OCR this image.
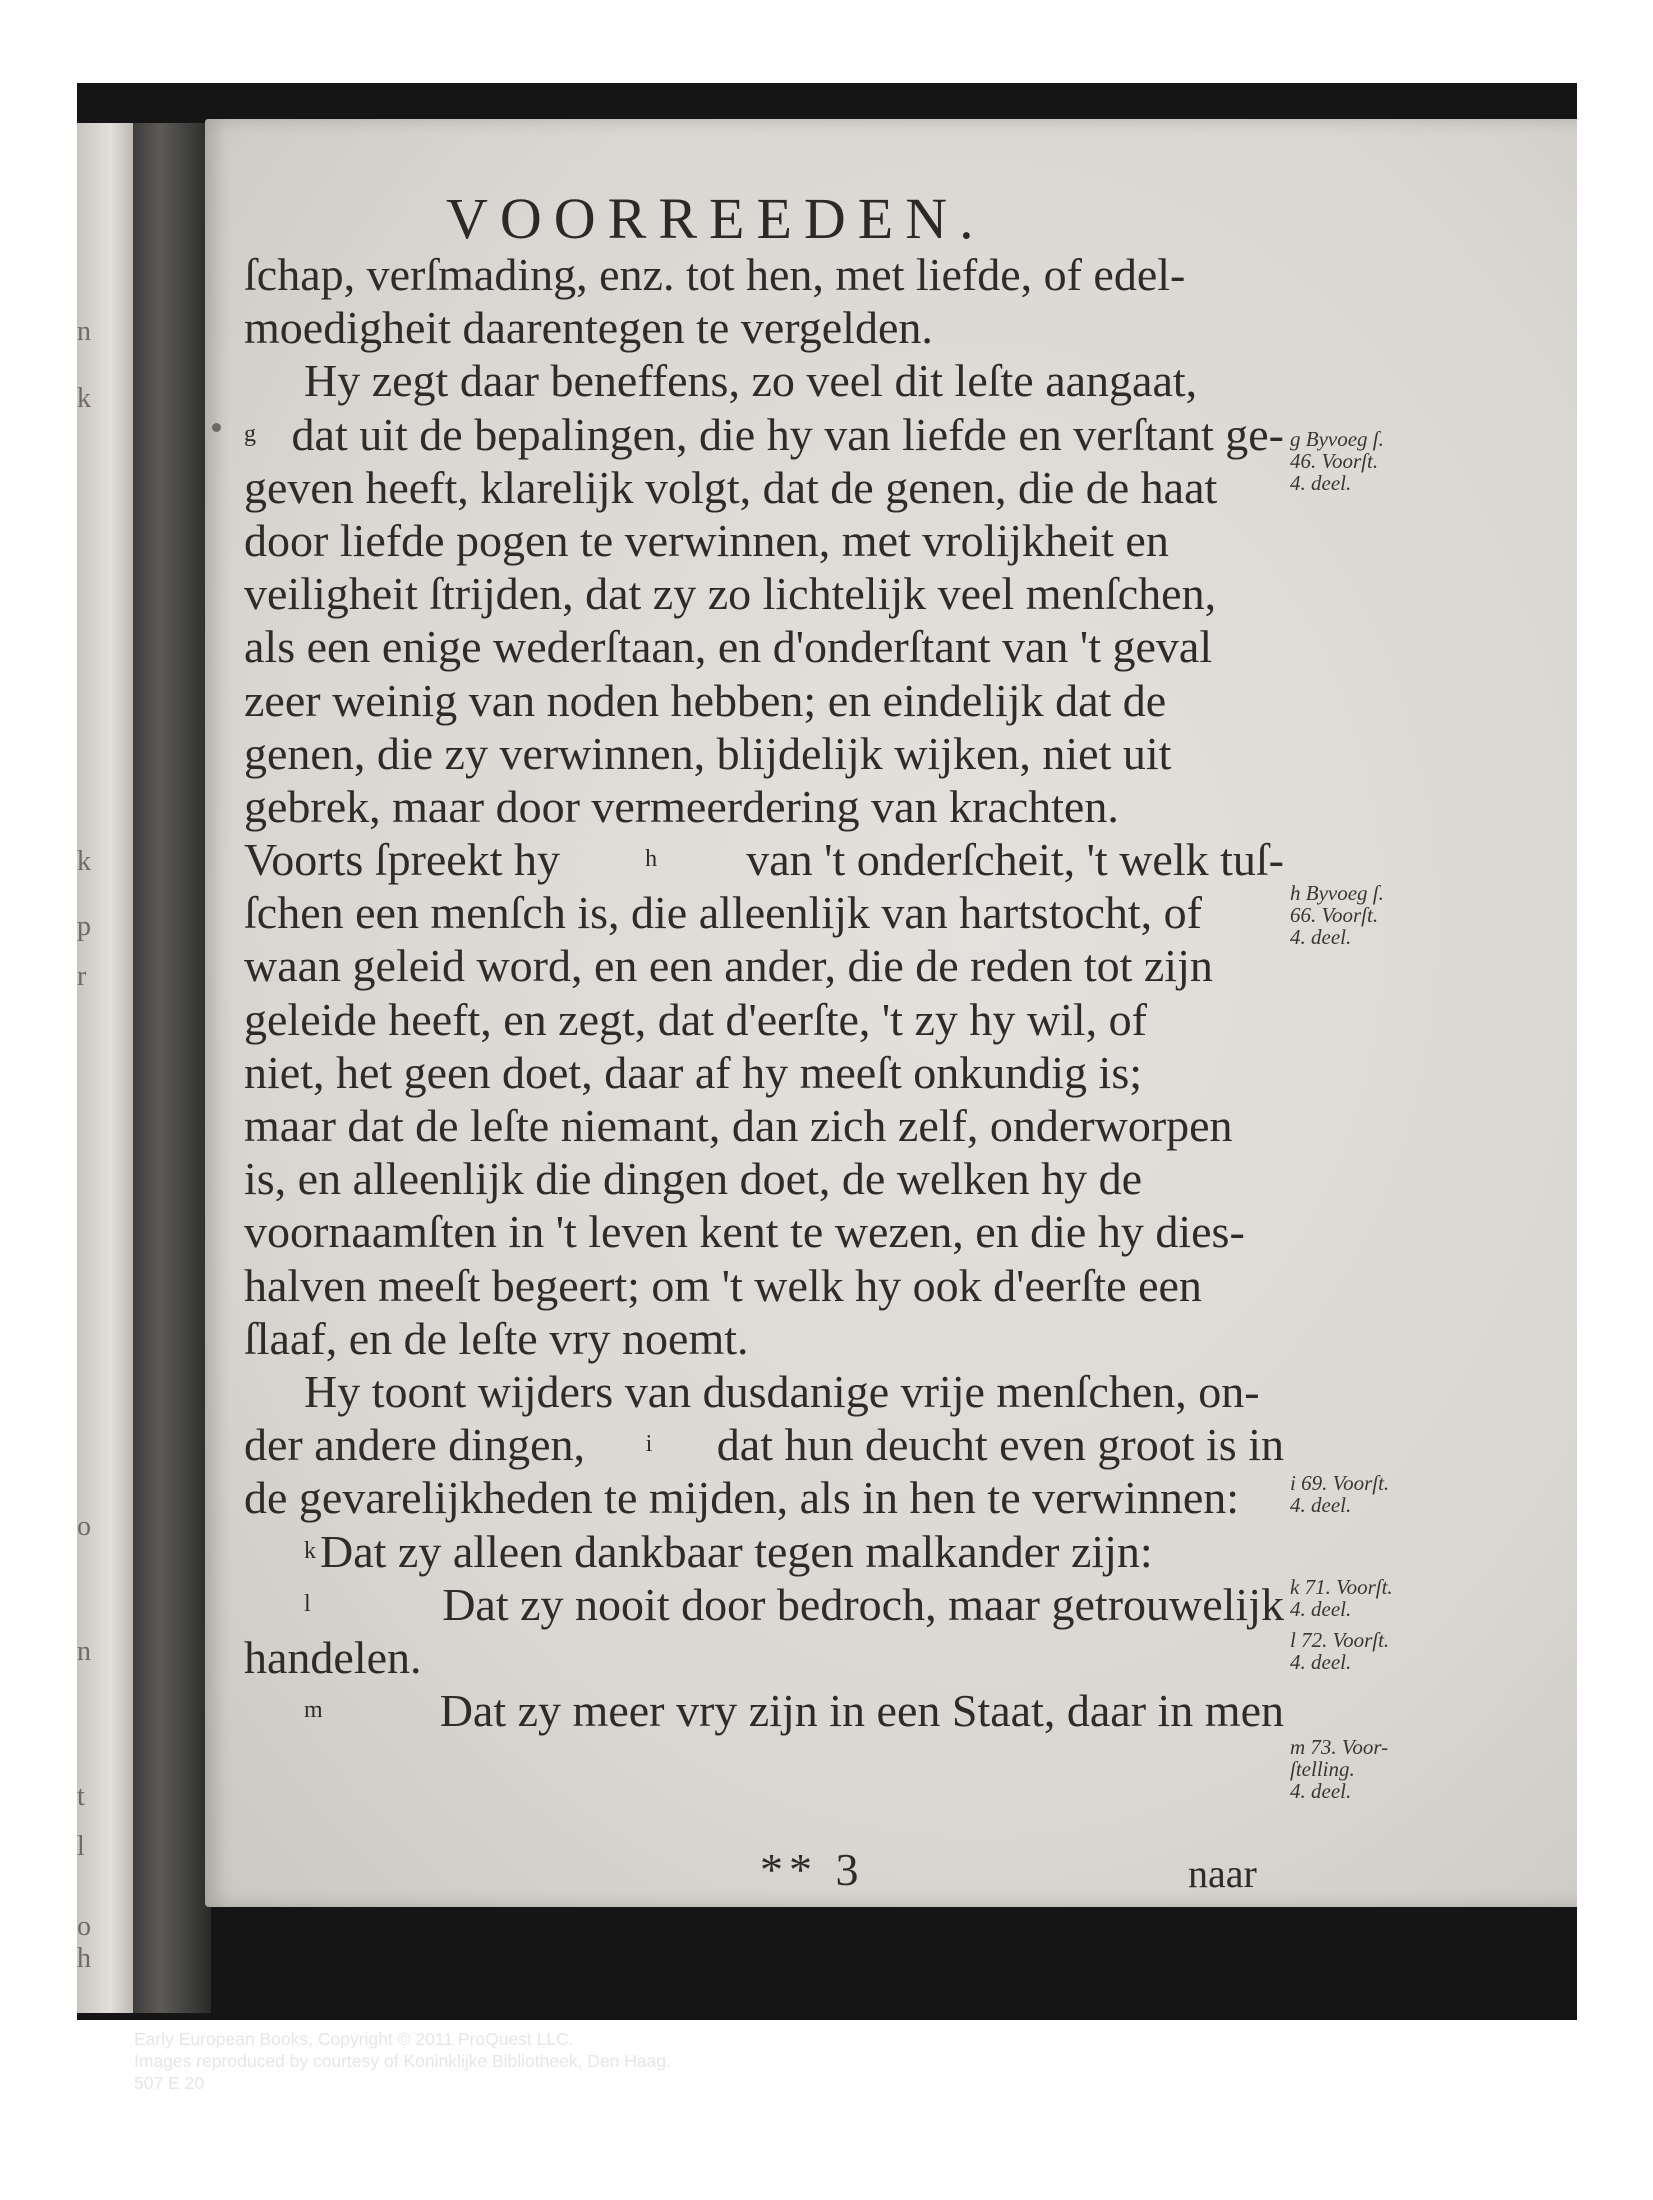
n
k
k
p
r
o
n
t
l
o
h
VOORREEDEN.
ſchap, verſmading, enz. tot hen, met liefde, of edel-
moedigheit daarentegen te vergelden.
Hy zegt daar beneffens, zo veel dit leſte aangaat,
g dat uit de bepalingen, die hy van liefde en verſtant ge-
geven heeft, klarelijk volgt, dat de genen, die de haat
door liefde pogen te verwinnen, met vrolijkheit en
veiligheit ſtrijden, dat zy zo lichtelijk veel menſchen,
als een enige wederſtaan, en d'onderſtant van 't geval
zeer weinig van noden hebben; en eindelijk dat de
genen, die zy verwinnen, blijdelijk wijken, niet uit
gebrek, maar door vermeerdering van krachten.
Voorts ſpreekt hy	h van 't onderſcheit, 't welk tuſ-
ſchen een menſch is, die alleenlijk van hartstocht, of
waan geleid word, en een ander, die de reden tot zijn
geleide heeft, en zegt, dat d'eerſte, 't zy hy wil, of
niet, het geen doet, daar af hy meeſt onkundig is;
maar dat de leſte niemant, dan zich zelf, onderworpen
is, en alleenlijk die dingen doet, de welken hy de
voornaamſten in 't leven kent te wezen, en die hy dies-
halven meeſt begeert; om 't welk hy ook d'eerſte een
ſlaaf, en de leſte vry noemt.
Hy toont wijders van dusdanige vrije menſchen, on-
der andere dingen,	i dat hun deucht even groot is in
de gevarelijkheden te mijden, als in hen te verwinnen:
k Dat zy alleen dankbaar tegen malkander zijn:
l	Dat zy nooit door bedroch, maar getrouwelijk
handelen.
m	Dat zy meer vry zijn in een Staat, daar in men
g Byvoeg ſ.
46. Voorſt.
4. deel.
h Byvoeg ſ.
66. Voorſt.
4. deel.
i 69. Voorſt.
4. deel.
k 71. Voorſt.
4. deel.
l 72. Voorſt.
4. deel.
m 73. Voor-
ſtelling.
4. deel.
** 3	naar
Early European Books, Copyright © 2011 ProQuest LLC.
Images reproduced by courtesy of Koninklijke Bibliotheek, Den Haag.
507 E 20
